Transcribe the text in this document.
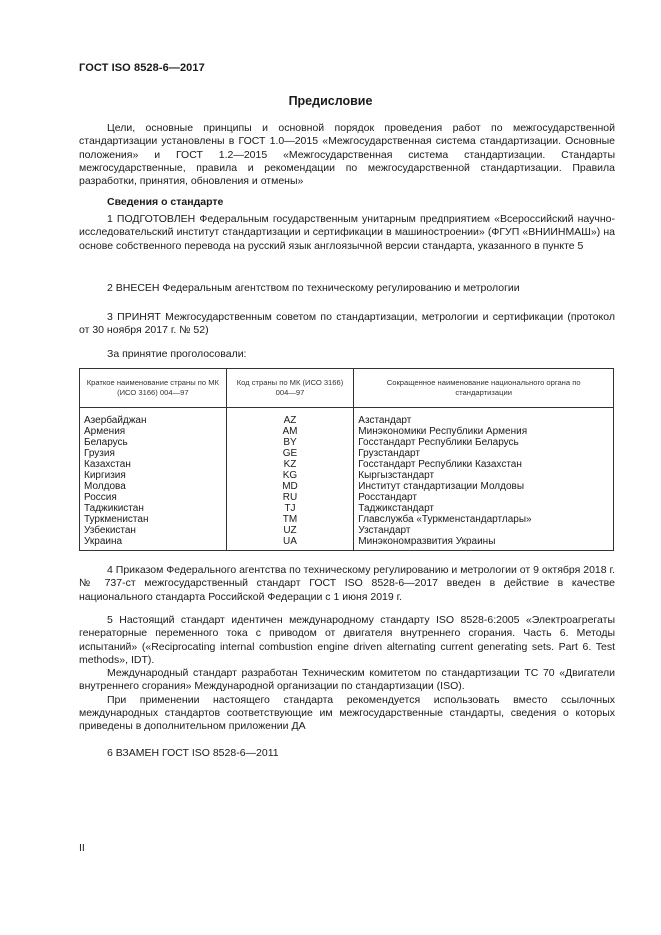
ГОСТ ISO 8528-6—2017
Предисловие

Цели, основные принципы и основной порядок проведения работ по межгосударственной стандартизации установлены в ГОСТ 1.0—2015 «Межгосударственная система стандартизации. Основные положения» и ГОСТ 1.2—2015 «Межгосударственная система стандартизации. Стандарты межгосударственные, правила и рекомендации по межгосударственной стандартизации. Правила разработки, принятия, обновления и отмены»

Сведения о стандарте

1 ПОДГОТОВЛЕН Федеральным государственным унитарным предприятием «Всероссийский научно-исследовательский институт стандартизации и сертификации в машиностроении» (ФГУП «ВНИИНМАШ») на основе собственного перевода на русский язык англоязычной версии стандарта, указанного в пункте 5

2 ВНЕСЕН Федеральным агентством по техническому регулированию и метрологии

3 ПРИНЯТ Межгосударственным советом по стандартизации, метрологии и сертификации (протокол от 30 ноября 2017 г. № 52)

За принятие проголосовали:

Краткое наименование страны по МК (ИСО 3166) 004—97	Код страны по МК (ИСО 3166) 004—97	Сокращенное наименование национального органа по стандартизации
Азербайджан	AZ	Азстандарт
Армения	AM	Минэкономики Республики Армения
Беларусь	BY	Госстандарт Республики Беларусь
Грузия	GE	Грузстандарт
Казахстан	KZ	Госстандарт Республики Казахстан
Киргизия	KG	Кыргызстандарт
Молдова	MD	Институт стандартизации Молдовы
Россия	RU	Росстандарт
Таджикистан	TJ	Таджикстандарт
Туркменистан	TM	Главслужба «Туркменстандартлары»
Узбекистан	UZ	Узстандарт
Украина	UA	Минэкономразвития Украины

4 Приказом Федерального агентства по техническому регулированию и метрологии от 9 октября 2018 г. № 737-ст межгосударственный стандарт ГОСТ ISO 8528-6—2017 введен в действие в качестве национального стандарта Российской Федерации с 1 июня 2019 г.

5 Настоящий стандарт идентичен международному стандарту ISO 8528-6:2005 «Электроагрегаты генераторные переменного тока с приводом от двигателя внутреннего сгорания. Часть 6. Методы испытаний» («Reciprocating internal combustion engine driven alternating current generating sets. Part 6. Test methods», IDT).

Международный стандарт разработан Техническим комитетом по стандартизации ТС 70 «Двигатели внутреннего сгорания» Международной организации по стандартизации (ISO).

При применении настоящего стандарта рекомендуется использовать вместо ссылочных международных стандартов соответствующие им межгосударственные стандарты, сведения о которых приведены в дополнительном приложении ДА

6 ВЗАМЕН ГОСТ ISO 8528-6—2011

II
